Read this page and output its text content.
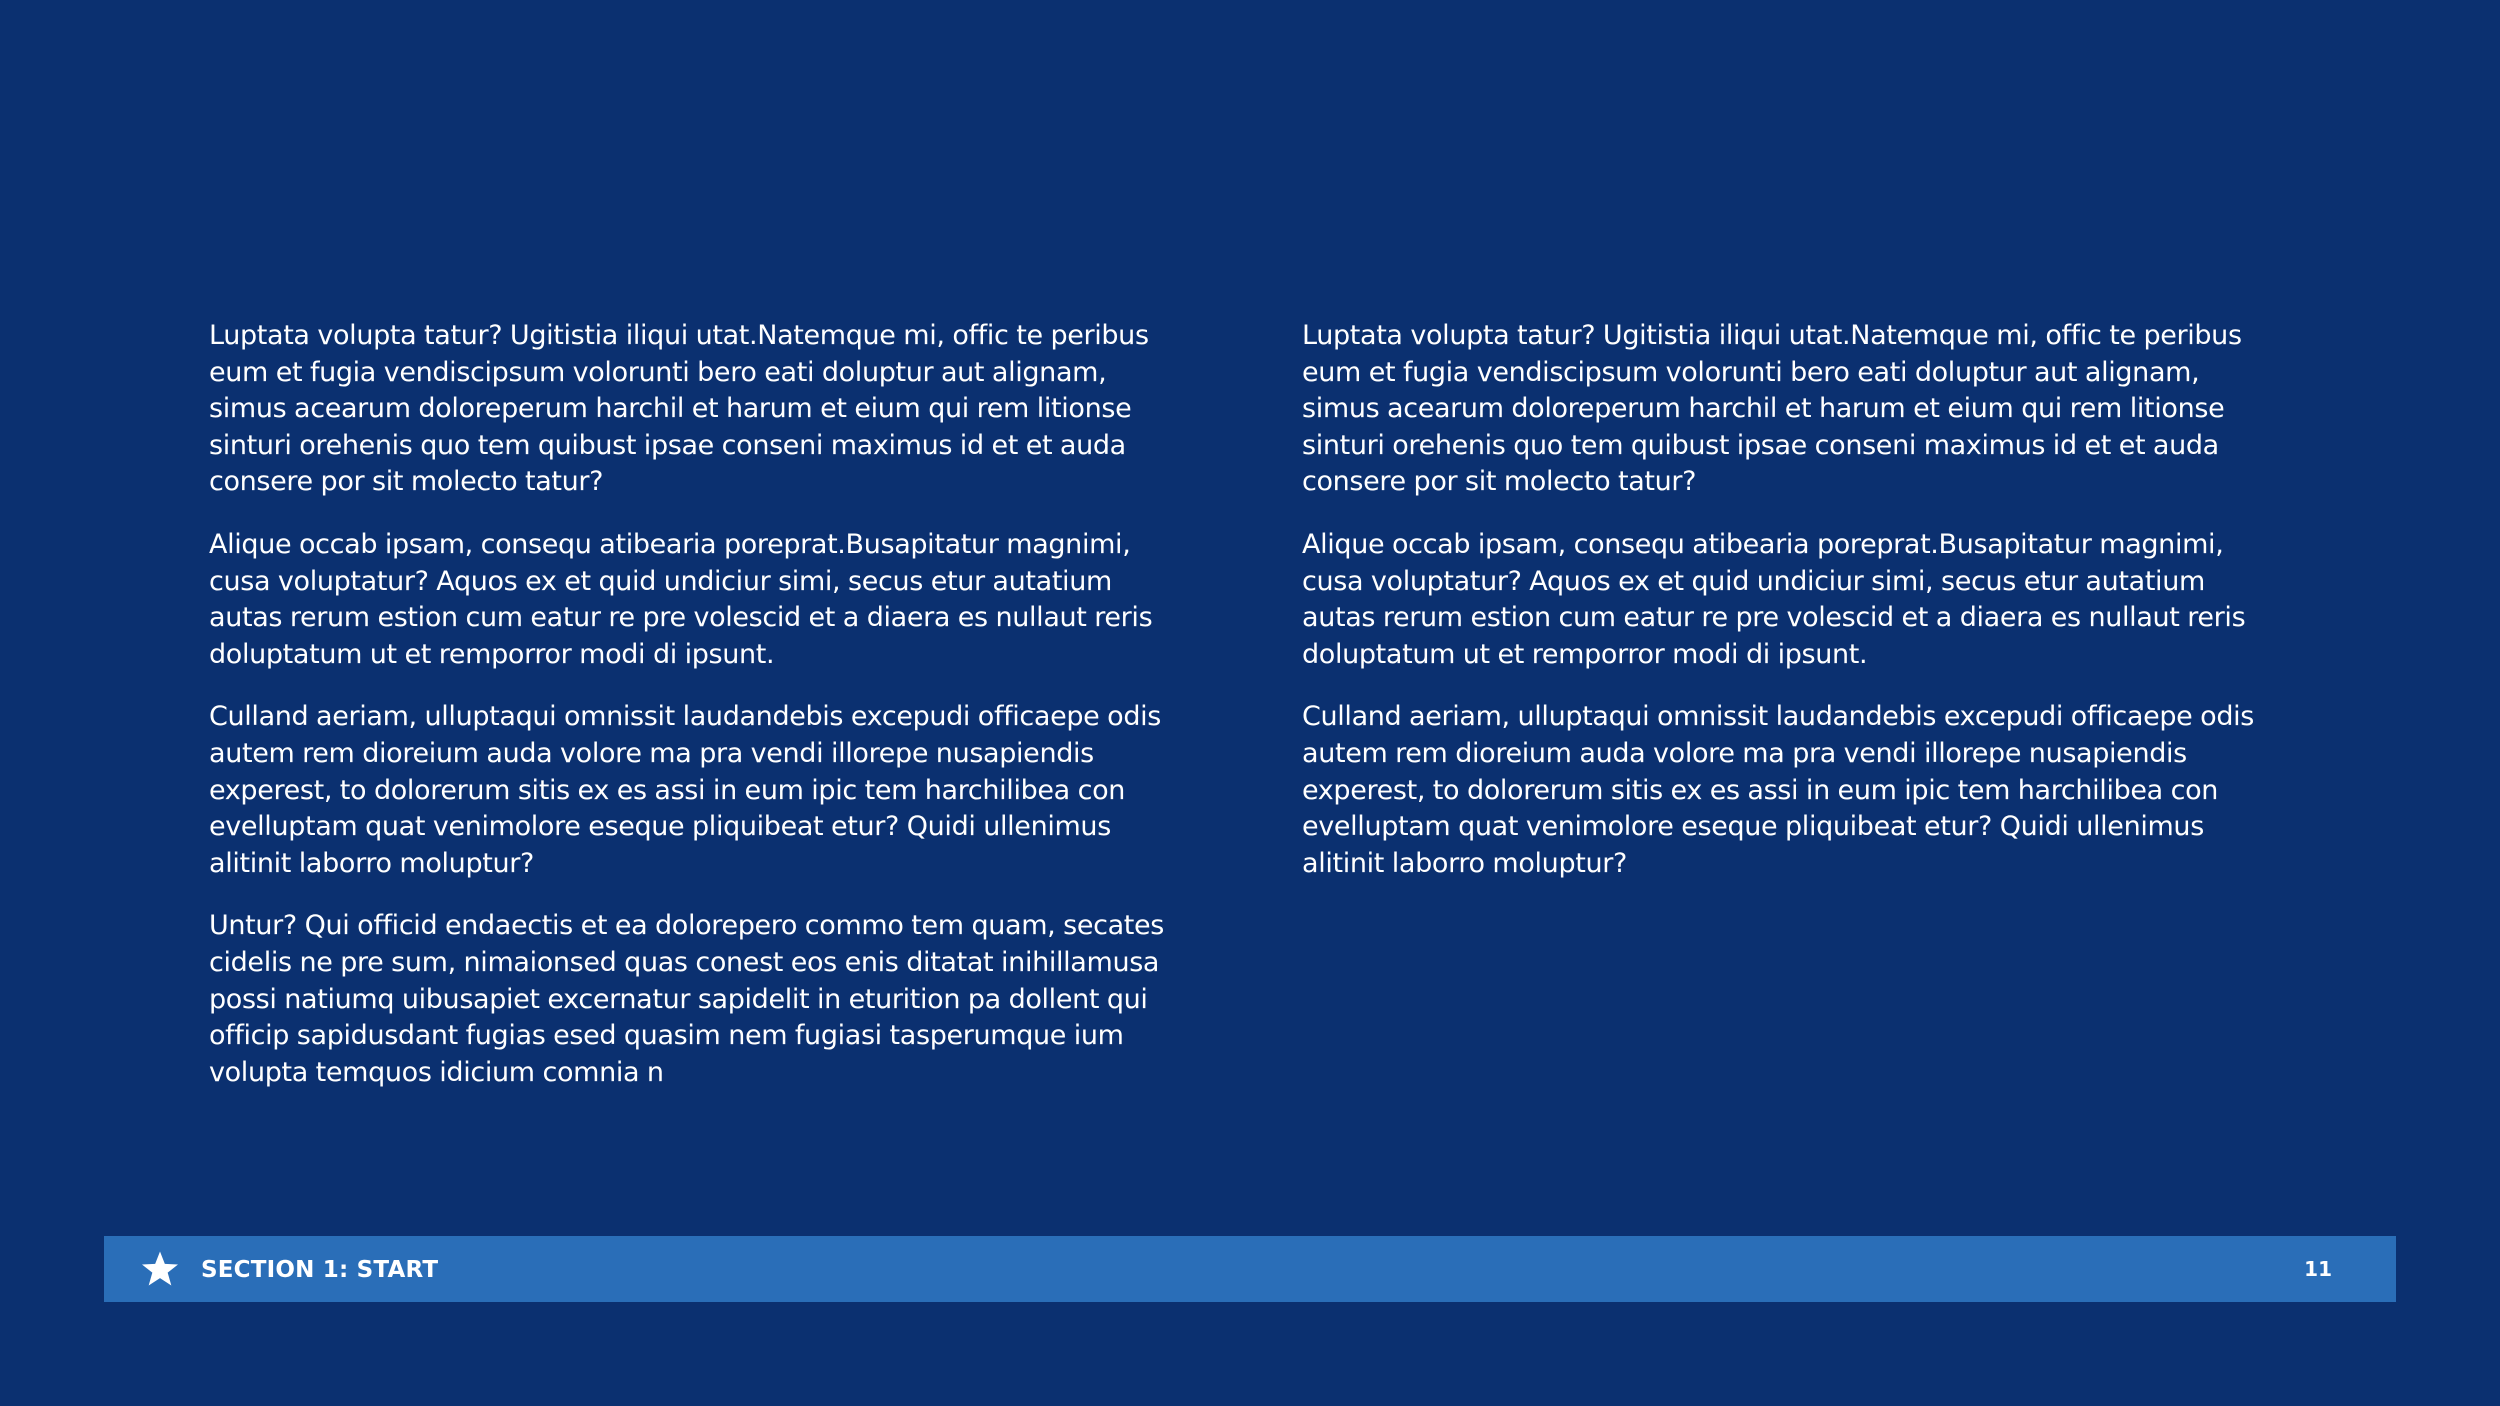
Luptata volupta tatur? Ugitistia iliqui utat.Natemque mi, offic te peribus eum et fugia vendiscipsum volorunti bero eati doluptur aut alignam, simus acearum doloreperum harchil et harum et eium qui rem litionse sinturi orehenis quo tem quibust ipsae conseni maximus id et et auda consere por sit molecto tatur?

Alique occab ipsam, consequ atibearia poreprat.Busapitatur magnimi, cusa voluptatur? Aquos ex et quid undiciur simi, secus etur autatium autas rerum estion cum eatur re pre volescid et a diaera es nullaut reris doluptatum ut et remporror modi di ipsunt.

Culland aeriam, ulluptaqui omnissit laudandebis excepudi officaepe odis autem rem dioreium auda volore ma pra vendi illorepe nusapiendis experest, to dolorerum sitis ex es assi in eum ipic tem harchilibea con evelluptam quat venimolore eseque pliquibeat etur? Quidi ullenimus alitinit laborro moluptur?

Untur? Qui officid endaectis et ea dolorepero commo tem quam, secates cidelis ne pre sum, nimaionsed quas conest eos enis ditatat inihillamusa possi natiumq uibusapiet excernatur sapidelit in eturition pa dollent qui officip sapidusdant fugias esed quasim nem fugiasi tasperumque ium volupta temquos idicium comnia n

Luptata volupta tatur? Ugitistia iliqui utat.Natemque mi, offic te peribus eum et fugia vendiscipsum volorunti bero eati doluptur aut alignam, simus acearum doloreperum harchil et harum et eium qui rem litionse sinturi orehenis quo tem quibust ipsae conseni maximus id et et auda consere por sit molecto tatur?

Alique occab ipsam, consequ atibearia poreprat.Busapitatur magnimi, cusa voluptatur? Aquos ex et quid undiciur simi, secus etur autatium autas rerum estion cum eatur re pre volescid et a diaera es nullaut reris doluptatum ut et remporror modi di ipsunt.

Culland aeriam, ulluptaqui omnissit laudandebis excepudi officaepe odis autem rem dioreium auda volore ma pra vendi illorepe nusapiendis experest, to dolorerum sitis ex es assi in eum ipic tem harchilibea con evelluptam quat venimolore eseque pliquibeat etur? Quidi ullenimus alitinit laborro moluptur?

SECTION 1: START	11
